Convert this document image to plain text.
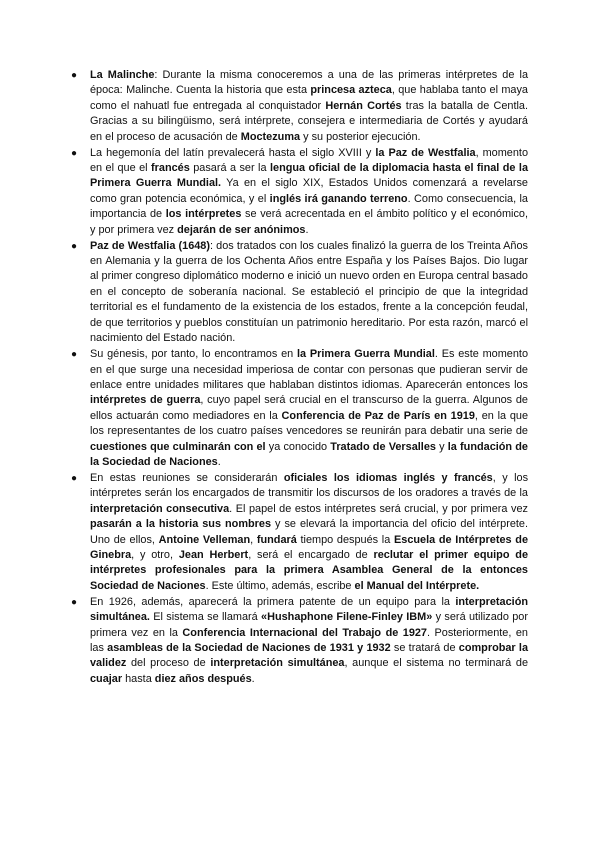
● La Malinche: Durante la misma conoceremos a una de las primeras intérpretes de la época: Malinche. Cuenta la historia que esta princesa azteca, que hablaba tanto el maya como el nahuatl fue entregada al conquistador Hernán Cortés tras la batalla de Centla. Gracias a su bilingüismo, será intérprete, consejera e intermediaria de Cortés y ayudará en el proceso de acusación de Moctezuma y su posterior ejecución.
● La hegemonía del latín prevalecerá hasta el siglo XVIII y la Paz de Westfalia, momento en el que el francés pasará a ser la lengua oficial de la diplomacia hasta el final de la Primera Guerra Mundial. Ya en el siglo XIX, Estados Unidos comenzará a revelarse como gran potencia económica, y el inglés irá ganando terreno. Como consecuencia, la importancia de los intérpretes se verá acrecentada en el ámbito político y el económico, y por primera vez dejarán de ser anónimos.
● Paz de Westfalia (1648): dos tratados con los cuales finalizó la guerra de los Treinta Años en Alemania y la guerra de los Ochenta Años entre España y los Países Bajos. Dio lugar al primer congreso diplomático moderno e inició un nuevo orden en Europa central basado en el concepto de soberanía nacional. Se estableció el principio de que la integridad territorial es el fundamento de la existencia de los estados, frente a la concepción feudal, de que territorios y pueblos constituían un patrimonio hereditario. Por esta razón, marcó el nacimiento del Estado nación.
● Su génesis, por tanto, lo encontramos en la Primera Guerra Mundial. Es este momento en el que surge una necesidad imperiosa de contar con personas que pudieran servir de enlace entre unidades militares que hablaban distintos idiomas. Aparecerán entonces los intérpretes de guerra, cuyo papel será crucial en el transcurso de la guerra. Algunos de ellos actuarán como mediadores en la Conferencia de Paz de París en 1919, en la que los representantes de los cuatro países vencedores se reunirán para debatir una serie de cuestiones que culminarán con el ya conocido Tratado de Versalles y la fundación de la Sociedad de Naciones.
● En estas reuniones se considerarán oficiales los idiomas inglés y francés, y los intérpretes serán los encargados de transmitir los discursos de los oradores a través de la interpretación consecutiva. El papel de estos intérpretes será crucial, y por primera vez pasarán a la historia sus nombres y se elevará la importancia del oficio del intérprete. Uno de ellos, Antoine Velleman, fundará tiempo después la Escuela de Intérpretes de Ginebra, y otro, Jean Herbert, será el encargado de reclutar el primer equipo de intérpretes profesionales para la primera Asamblea General de la entonces Sociedad de Naciones. Este último, además, escribe el Manual del Intérprete.
● En 1926, además, aparecerá la primera patente de un equipo para la interpretación simultánea. El sistema se llamará «Hushaphone Filene-Finley IBM» y será utilizado por primera vez en la Conferencia Internacional del Trabajo de 1927. Posteriormente, en las asambleas de la Sociedad de Naciones de 1931 y 1932 se tratará de comprobar la validez del proceso de interpretación simultánea, aunque el sistema no terminará de cuajar hasta diez años después.
